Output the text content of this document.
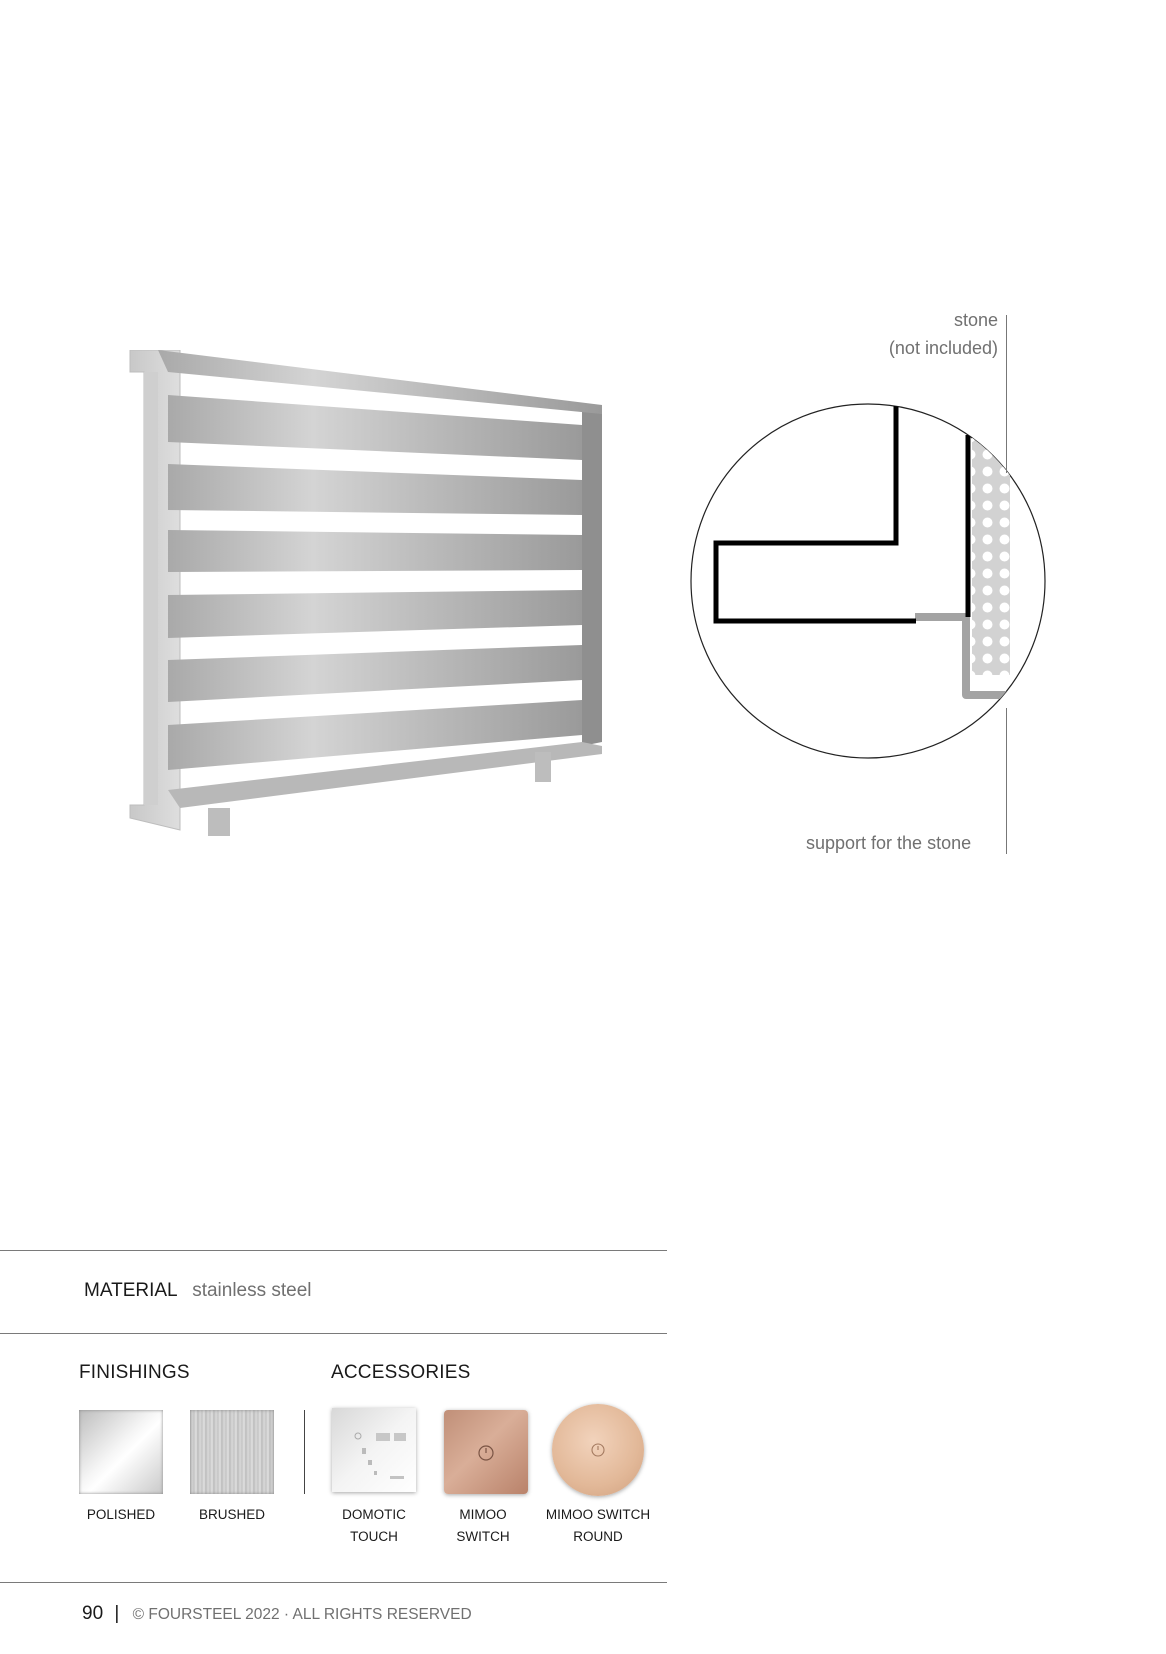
stone
(not included)
support for the stone
MATERIAL stainless steel
FINISHINGS
POLISHED	BRUSHED
ACCESSORIES
DOMOTIC
TOUCH
MIMOO
SWITCH
MIMOO SWITCH
ROUND
90 | © FOURSTEEL 2022 · ALL RIGHTS RESERVED
